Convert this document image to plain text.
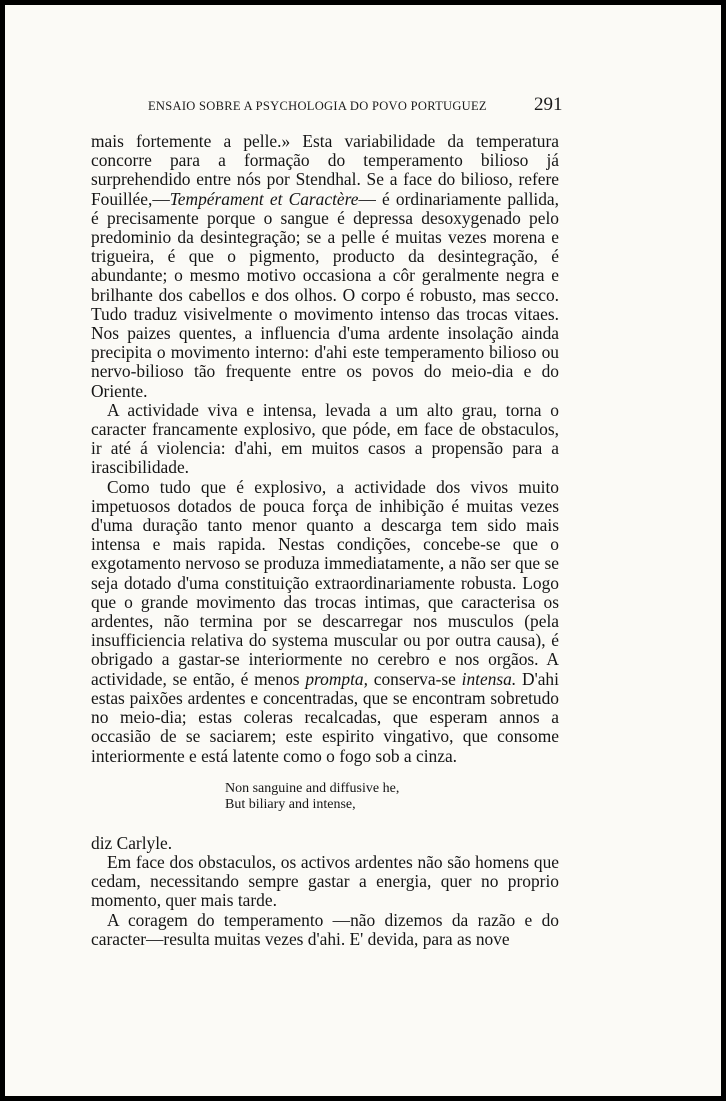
ENSAIO SOBRE A PSYCHOLOGIA DO POVO PORTUGUEZ 291

mais fortemente a pelle.» Esta variabilidade da temperatura concorre para a formação do temperamento bilioso já surprehendido entre nós por Stendhal. Se a face do bilioso, refere Fouillée,—Tempérament et Caractère— é ordinariamente pallida, é precisamente porque o sangue é depressa desoxygenado pelo predominio da desintegração; se a pelle é muitas vezes morena e trigueira, é que o pigmento, producto da desintegração, é abundante; o mesmo motivo occasiona a côr geralmente negra e brilhante dos cabellos e dos olhos. O corpo é robusto, mas secco. Tudo traduz visivelmente o movimento intenso das trocas vitaes. Nos paizes quentes, a influencia d'uma ardente insolação ainda precipita o movimento interno: d'ahi este temperamento bilioso ou nervo-bilioso tão frequente entre os povos do meio-dia e do Oriente.

A actividade viva e intensa, levada a um alto grau, torna o caracter francamente explosivo, que póde, em face de obstaculos, ir até á violencia: d'ahi, em muitos casos a propensão para a irascibilidade.

Como tudo que é explosivo, a actividade dos vivos muito impetuosos dotados de pouca força de inhibição é muitas vezes d'uma duração tanto menor quanto a descarga tem sido mais intensa e mais rapida. Nestas condições, concebe-se que o exgotamento nervoso se produza immediatamente, a não ser que se seja dotado d'uma constituição extraordinariamente robusta. Logo que o grande movimento das trocas intimas, que caracterisa os ardentes, não termina por se descarregar nos musculos (pela insufficiencia relativa do systema muscular ou por outra causa), é obrigado a gastar-se interiormente no cerebro e nos orgãos. A actividade, se então, é menos prompta, conserva-se intensa. D'ahi estas paixões ardentes e concentradas, que se encontram sobretudo no meio-dia; estas coleras recalcadas, que esperam annos a occasião de se saciarem; este espirito vingativo, que consome interiormente e está latente como o fogo sob a cinza.

Non sanguine and diffusive he,
But biliary and intense,

diz Carlyle.

Em face dos obstaculos, os activos ardentes não são homens que cedam, necessitando sempre gastar a energia, quer no proprio momento, quer mais tarde.

A coragem do temperamento —não dizemos da razão e do caracter—resulta muitas vezes d'ahi. E' devida, para as nove
